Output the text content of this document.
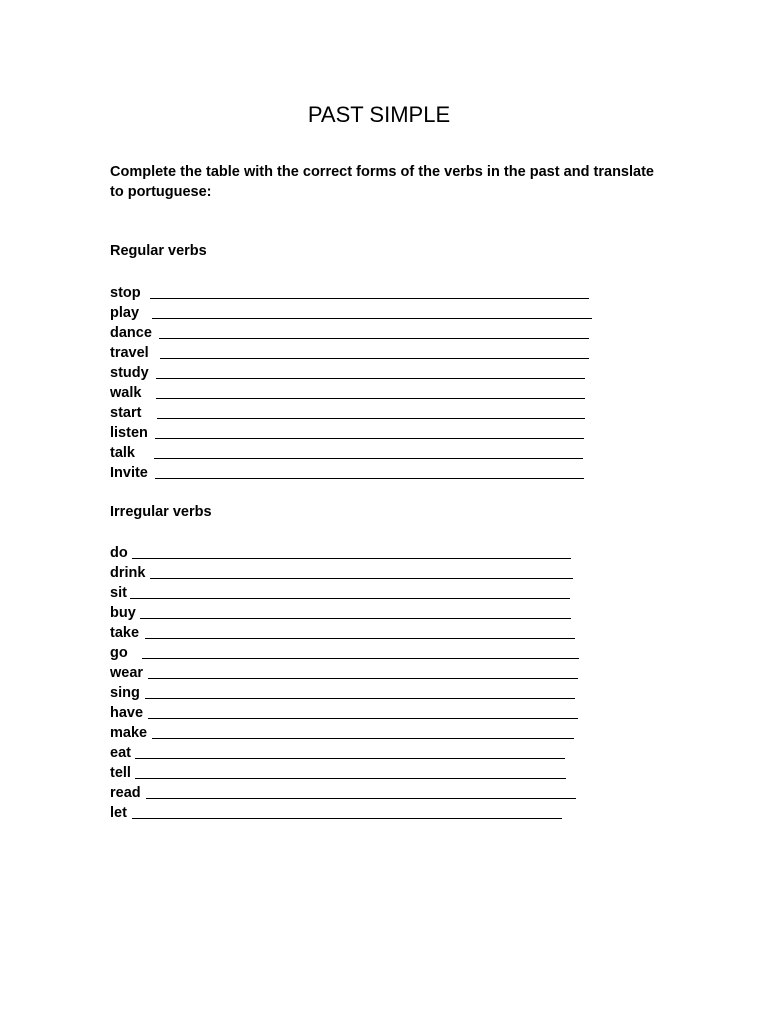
PAST SIMPLE

Complete the table with the correct forms of the verbs in the past and translate to portuguese:

Regular verbs
stop
play
dance
travel
study
walk
start
listen
talk
Invite
Irregular verbs
do
drink
sit
buy
take
go
wear
sing
have
make
eat
tell
read
let
